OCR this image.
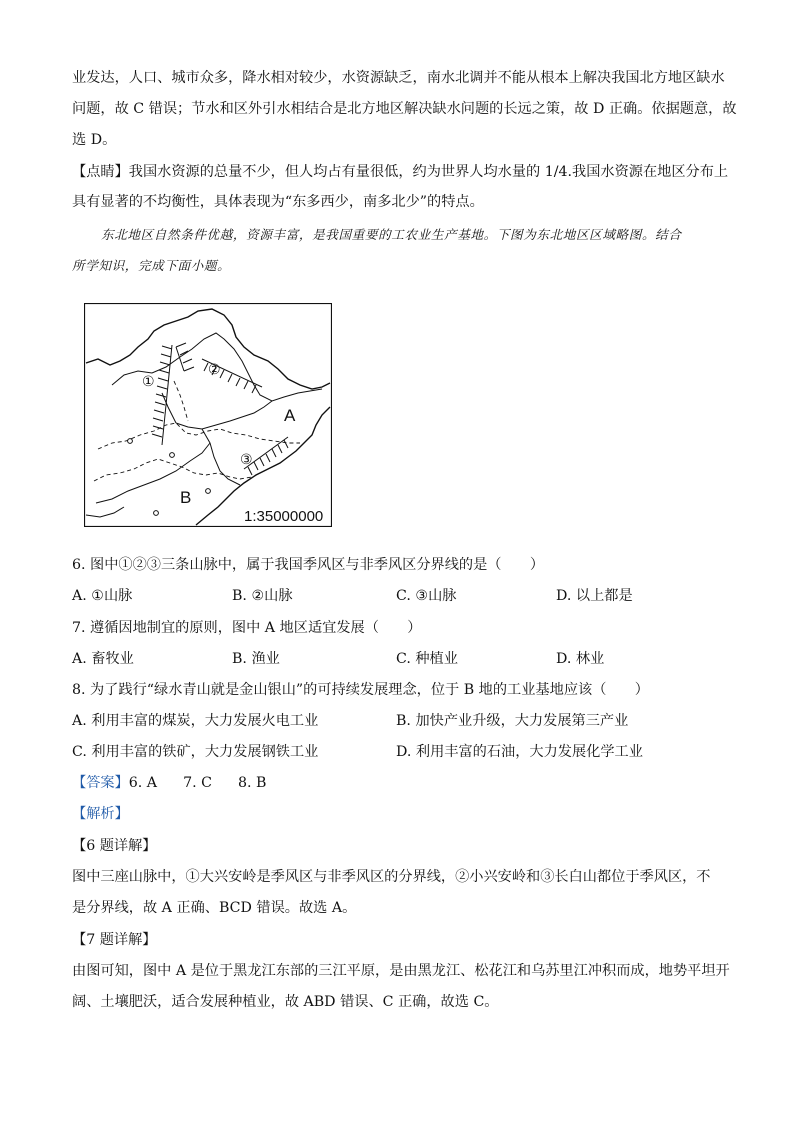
业发达，人口、城市众多，降水相对较少，水资源缺乏，南水北调并不能从根本上解决我国北方地区缺水
问题，故 C 错误；节水和区外引水相结合是北方地区解决缺水问题的长远之策，故 D 正确。依据题意，故
选 D。
【点睛】我国水资源的总量不少，但人均占有量很低，约为世界人均水量的 1/4.我国水资源在地区分布上
具有显著的不均衡性，具体表现为“东多西少，南多北少”的特点。
东北地区自然条件优越，资源丰富，是我国重要的工农业生产基地。下图为东北地区区域略图。结合
所学知识，完成下面小题。
①
②
③
A
B
1:35000000
6. 图中①②③三条山脉中，属于我国季风区与非季风区分界线的是（　　）
A. ①山脉	B. ②山脉	C. ③山脉	D. 以上都是
7. 遵循因地制宜的原则，图中 A 地区适宜发展（　　）
A. 畜牧业	B. 渔业	C. 种植业	D. 林业
8. 为了践行“绿水青山就是金山银山”的可持续发展理念，位于 B 地的工业基地应该（　　）
A. 利用丰富的煤炭，大力发展火电工业	B. 加快产业升级，大力发展第三产业
C. 利用丰富的铁矿，大力发展钢铁工业	D. 利用丰富的石油，大力发展化学工业
【答案】6. A 7. C 8. B
【解析】
【6 题详解】
图中三座山脉中，①大兴安岭是季风区与非季风区的分界线，②小兴安岭和③长白山都位于季风区，不
是分界线，故 A 正确、BCD 错误。故选 A。
【7 题详解】
由图可知，图中 A 是位于黑龙江东部的三江平原，是由黑龙江、松花江和乌苏里江冲积而成，地势平坦开
阔、土壤肥沃，适合发展种植业，故 ABD 错误、C 正确，故选 C。
